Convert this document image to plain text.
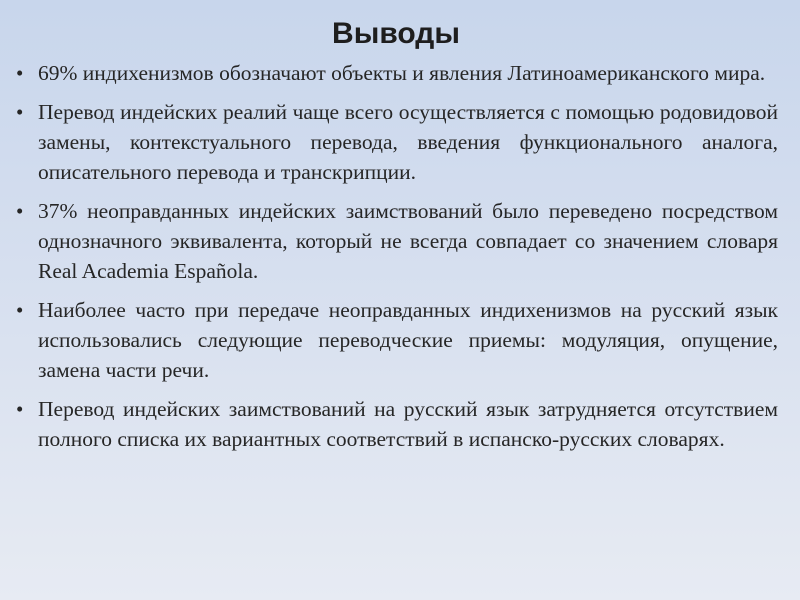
Выводы
• 69% индихенизмов обозначают объекты и явления Латиноамериканского мира.
• Перевод индейских реалий чаще всего осуществляется с помощью родовидовой замены, контекстуального перевода, введения функционального аналога, описательного перевода и транскрипции.
• 37% неоправданных индейских заимствований было переведено посредством однозначного эквивалента, который не всегда совпадает со значением словаря Real Academia Española.
• Наиболее часто при передаче неоправданных индихенизмов на русский язык использовались следующие переводческие приемы: модуляция, опущение, замена части речи.
• Перевод индейских заимствований на русский язык затрудняется отсутствием полного списка их вариантных соответствий в испанско-русских словарях.
